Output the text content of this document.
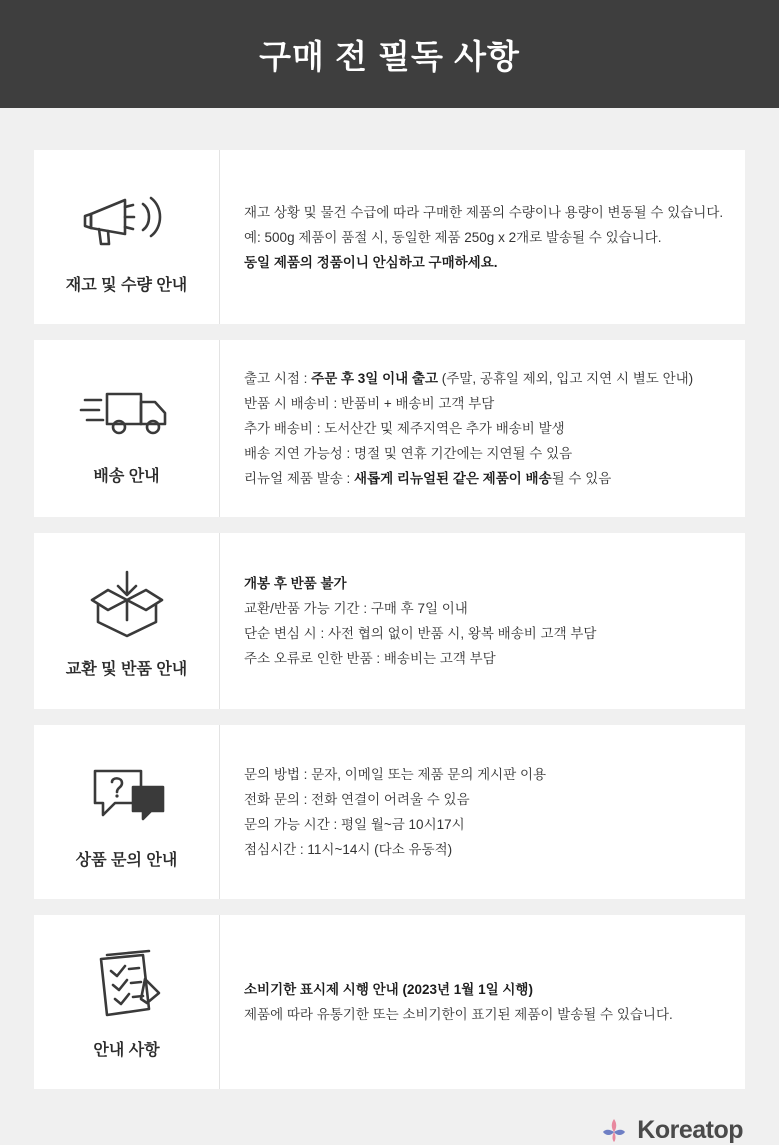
구매 전 필독 사항
재고 및 수량 안내
재고 상황 및 물건 수급에 따라 구매한 제품의 수량이나 용량이 변동될 수 있습니다.
예: 500g 제품이 품절 시, 동일한 제품 250g x 2개로 발송될 수 있습니다.
동일 제품의 정품이니 안심하고 구매하세요.
배송 안내
출고 시점 : 주문 후 3일 이내 출고 (주말, 공휴일 제외, 입고 지연 시 별도 안내)
반품 시 배송비 : 반품비 + 배송비 고객 부담
추가 배송비 : 도서산간 및 제주지역은 추가 배송비 발생
배송 지연 가능성 : 명절 및 연휴 기간에는 지연될 수 있음
리뉴얼 제품 발송 : 새롭게 리뉴얼된 같은 제품이 배송될 수 있음
교환 및 반품 안내
개봉 후 반품 불가
교환/반품 가능 기간 : 구매 후 7일 이내
단순 변심 시 : 사전 협의 없이 반품 시, 왕복 배송비 고객 부담
주소 오류로 인한 반품 : 배송비는 고객 부담
상품 문의 안내
문의 방법 : 문자, 이메일 또는 제품 문의 게시판 이용
전화 문의 : 전화 연결이 어려울 수 있음
문의 가능 시간 : 평일 월~금 10시17시
점심시간 : 11시~14시 (다소 유동적)
안내 사항
소비기한 표시제 시행 안내 (2023년 1월 1일 시행)
제품에 따라 유통기한 또는 소비기한이 표기된 제품이 발송될 수 있습니다.
Koreatop
